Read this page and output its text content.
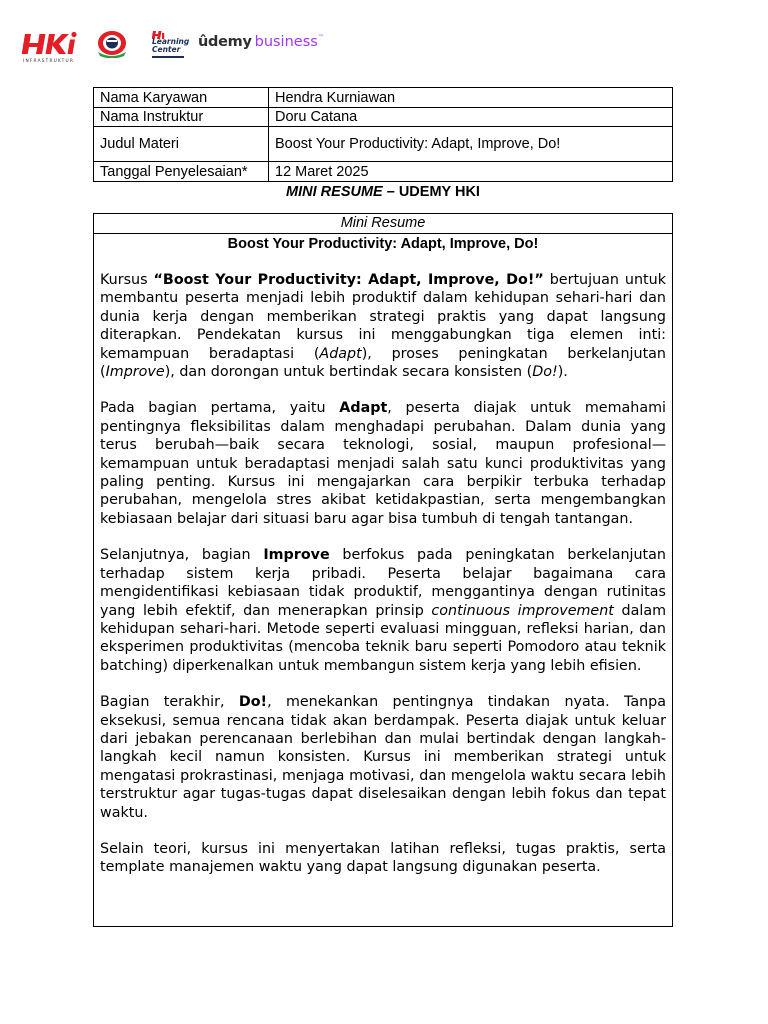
INFRASTRUKTUR
Learning
Center	ûdemy business™
Nama Karyawan	Hendra Kurniawan
Nama Instruktur	Doru Catana
Judul Materi	Boost Your Productivity: Adapt, Improve, Do!
Tanggal Penyelesaian*	12 Maret 2025
MINI RESUME – UDEMY HKI
Mini Resume
Boost Your Productivity: Adapt, Improve, Do!

Kursus “Boost Your Productivity: Adapt, Improve, Do!” bertujuan untuk membantu peserta menjadi lebih produktif dalam kehidupan sehari-hari dan dunia kerja dengan memberikan strategi praktis yang dapat langsung diterapkan. Pendekatan kursus ini menggabungkan tiga elemen inti: kemampuan beradaptasi (Adapt), proses peningkatan berkelanjutan (Improve), dan dorongan untuk bertindak secara konsisten (Do!).

Pada bagian pertama, yaitu Adapt, peserta diajak untuk memahami pentingnya fleksibilitas dalam menghadapi perubahan. Dalam dunia yang terus berubah—baik secara teknologi, sosial, maupun profesional—kemampuan untuk beradaptasi menjadi salah satu kunci produktivitas yang paling penting. Kursus ini mengajarkan cara berpikir terbuka terhadap perubahan, mengelola stres akibat ketidakpastian, serta mengembangkan kebiasaan belajar dari situasi baru agar bisa tumbuh di tengah tantangan.

Selanjutnya, bagian Improve berfokus pada peningkatan berkelanjutan terhadap sistem kerja pribadi. Peserta belajar bagaimana cara mengidentifikasi kebiasaan tidak produktif, menggantinya dengan rutinitas yang lebih efektif, dan menerapkan prinsip continuous improvement dalam kehidupan sehari-hari. Metode seperti evaluasi mingguan, refleksi harian, dan eksperimen produktivitas (mencoba teknik baru seperti Pomodoro atau teknik batching) diperkenalkan untuk membangun sistem kerja yang lebih efisien.

Bagian terakhir, Do!, menekankan pentingnya tindakan nyata. Tanpa eksekusi, semua rencana tidak akan berdampak. Peserta diajak untuk keluar dari jebakan perencanaan berlebihan dan mulai bertindak dengan langkah-langkah kecil namun konsisten. Kursus ini memberikan strategi untuk mengatasi prokrastinasi, menjaga motivasi, dan mengelola waktu secara lebih terstruktur agar tugas-tugas dapat diselesaikan dengan lebih fokus dan tepat waktu.

Selain teori, kursus ini menyertakan latihan refleksi, tugas praktis, serta template manajemen waktu yang dapat langsung digunakan peserta.
